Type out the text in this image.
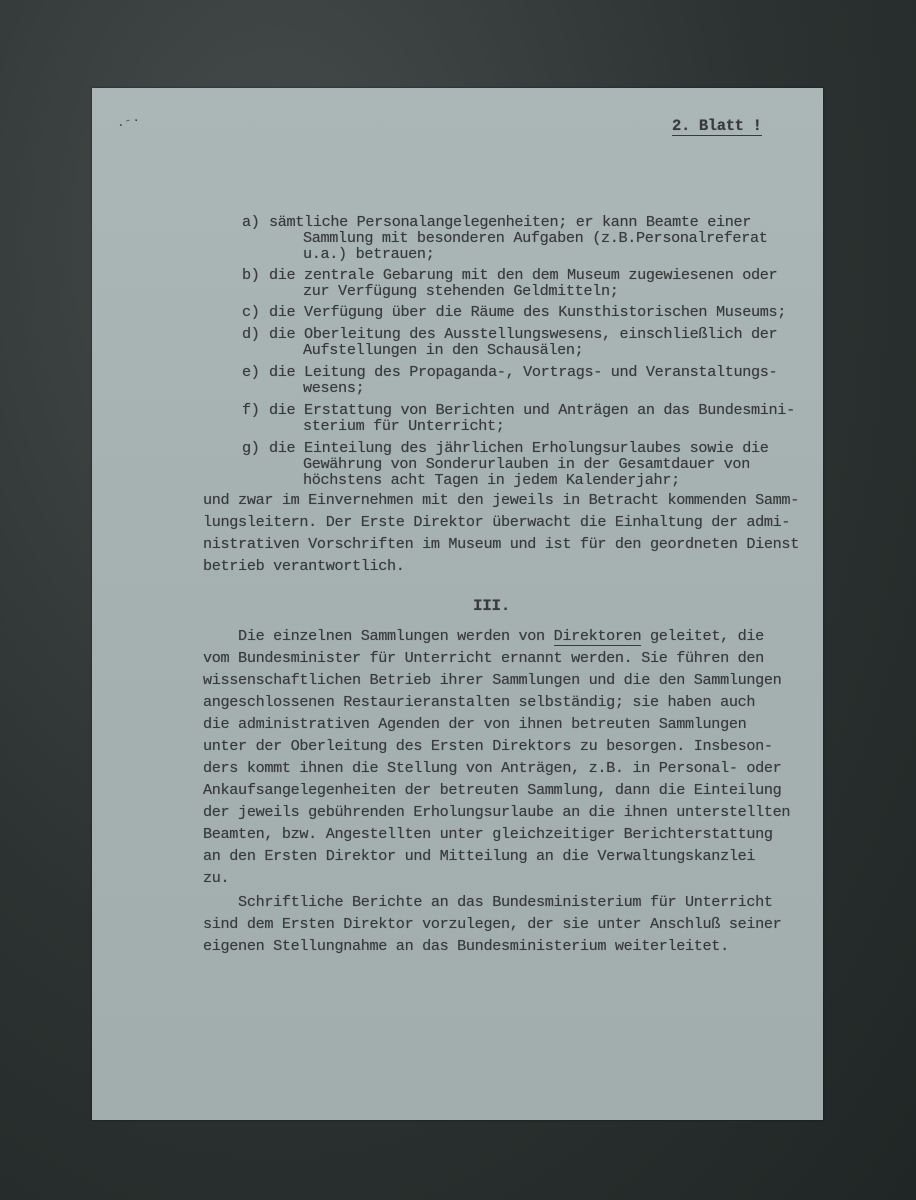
·⁻·	2. Blatt !
a) sämtliche Personalangelegenheiten; er kann Beamte einer
Sammlung mit besonderen Aufgaben (z.B.Personalreferat
u.a.) betrauen;
b) die zentrale Gebarung mit den dem Museum zugewiesenen oder
zur Verfügung stehenden Geldmitteln;
c) die Verfügung über die Räume des Kunsthistorischen Museums;
d) die Oberleitung des Ausstellungswesens, einschließlich der
Aufstellungen in den Schausälen;
e) die Leitung des Propaganda-, Vortrags- und Veranstaltungs-
wesens;
f) die Erstattung von Berichten und Anträgen an das Bundesmini-
sterium für Unterricht;
g) die Einteilung des jährlichen Erholungsurlaubes sowie die
Gewährung von Sonderurlauben in der Gesamtdauer von
höchstens acht Tagen in jedem Kalenderjahr;
und zwar im Einvernehmen mit den jeweils in Betracht kommenden Samm-
lungsleitern. Der Erste Direktor überwacht die Einhaltung der admi-
nistrativen Vorschriften im Museum und ist für den geordneten Dienst
betrieb verantwortlich.
III.
Die einzelnen Sammlungen werden von Direktoren geleitet, die
vom Bundesminister für Unterricht ernannt werden. Sie führen den
wissenschaftlichen Betrieb ihrer Sammlungen und die den Sammlungen
angeschlossenen Restaurieranstalten selbständig; sie haben auch
die administrativen Agenden der von ihnen betreuten Sammlungen
unter der Oberleitung des Ersten Direktors zu besorgen. Insbeson-
ders kommt ihnen die Stellung von Anträgen, z.B. in Personal- oder
Ankaufsangelegenheiten der betreuten Sammlung, dann die Einteilung
der jeweils gebührenden Erholungsurlaube an die ihnen unterstellten
Beamten, bzw. Angestellten unter gleichzeitiger Berichterstattung
an den Ersten Direktor und Mitteilung an die Verwaltungskanzlei
zu.
Schriftliche Berichte an das Bundesministerium für Unterricht
sind dem Ersten Direktor vorzulegen, der sie unter Anschluß seiner
eigenen Stellungnahme an das Bundesministerium weiterleitet.
